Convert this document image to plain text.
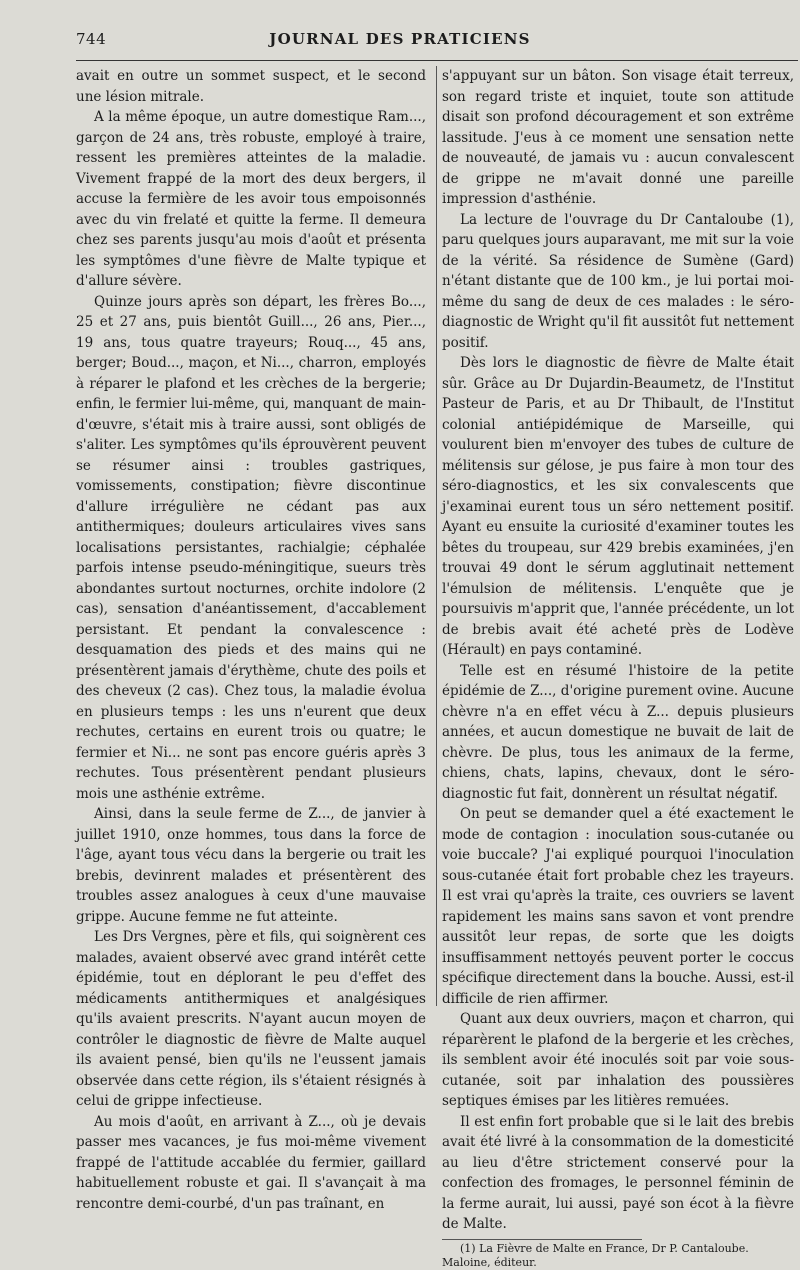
744	JOURNAL DES PRATICIENS

avait en outre un sommet suspect, et le second une lésion mitrale.

A la même époque, un autre domestique Ram..., garçon de 24 ans, très robuste, employé à traire, ressent les premières atteintes de la maladie. Vivement frappé de la mort des deux bergers, il accuse la fermière de les avoir tous empoisonnés avec du vin frelaté et quitte la ferme. Il demeura chez ses parents jusqu'au mois d'août et présenta les symptômes d'une fièvre de Malte typique et d'allure sévère.

Quinze jours après son départ, les frères Bo..., 25 et 27 ans, puis bientôt Guill..., 26 ans, Pier..., 19 ans, tous quatre trayeurs; Rouq..., 45 ans, berger; Boud..., maçon, et Ni..., charron, employés à réparer le plafond et les crèches de la bergerie; enfin, le fermier lui-même, qui, manquant de main-d'œuvre, s'était mis à traire aussi, sont obligés de s'aliter. Les symptômes qu'ils éprouvèrent peuvent se résumer ainsi : troubles gastriques, vomissements, constipation; fièvre discontinue d'allure irrégulière ne cédant pas aux antithermiques; douleurs articulaires vives sans localisations persistantes, rachialgie; céphalée parfois intense pseudo-méningitique, sueurs très abondantes surtout nocturnes, orchite indolore (2 cas), sensation d'anéantissement, d'accablement persistant. Et pendant la convalescence : desquamation des pieds et des mains qui ne présentèrent jamais d'érythème, chute des poils et des cheveux (2 cas). Chez tous, la maladie évolua en plusieurs temps : les uns n'eurent que deux rechutes, certains en eurent trois ou quatre; le fermier et Ni... ne sont pas encore guéris après 3 rechutes. Tous présentèrent pendant plusieurs mois une asthénie extrême.

Ainsi, dans la seule ferme de Z..., de janvier à juillet 1910, onze hommes, tous dans la force de l'âge, ayant tous vécu dans la bergerie ou trait les brebis, devinrent malades et présentèrent des troubles assez analogues à ceux d'une mauvaise grippe. Aucune femme ne fut atteinte.

Les Drs Vergnes, père et fils, qui soignèrent ces malades, avaient observé avec grand intérêt cette épidémie, tout en déplorant le peu d'effet des médicaments antithermiques et analgésiques qu'ils avaient prescrits. N'ayant aucun moyen de contrôler le diagnostic de fièvre de Malte auquel ils avaient pensé, bien qu'ils ne l'eussent jamais observée dans cette région, ils s'étaient résignés à celui de grippe infectieuse.

Au mois d'août, en arrivant à Z..., où je devais passer mes vacances, je fus moi-même vivement frappé de l'attitude accablée du fermier, gaillard habituellement robuste et gai. Il s'avançait à ma rencontre demi-courbé, d'un pas traînant, en

s'appuyant sur un bâton. Son visage était terreux, son regard triste et inquiet, toute son attitude disait son profond découragement et son extrême lassitude. J'eus à ce moment une sensation nette de nouveauté, de jamais vu : aucun convalescent de grippe ne m'avait donné une pareille impression d'asthénie.

La lecture de l'ouvrage du Dr Cantaloube (1), paru quelques jours auparavant, me mit sur la voie de la vérité. Sa résidence de Sumène (Gard) n'étant distante que de 100 km., je lui portai moi-même du sang de deux de ces malades : le séro-diagnostic de Wright qu'il fit aussitôt fut nettement positif.

Dès lors le diagnostic de fièvre de Malte était sûr. Grâce au Dr Dujardin-Beaumetz, de l'Institut Pasteur de Paris, et au Dr Thibault, de l'Institut colonial antiépidémique de Marseille, qui voulurent bien m'envoyer des tubes de culture de mélitensis sur gélose, je pus faire à mon tour des séro-diagnostics, et les six convalescents que j'examinai eurent tous un séro nettement positif. Ayant eu ensuite la curiosité d'examiner toutes les bêtes du troupeau, sur 429 brebis examinées, j'en trouvai 49 dont le sérum agglutinait nettement l'émulsion de mélitensis. L'enquête que je poursuivis m'apprit que, l'année précédente, un lot de brebis avait été acheté près de Lodève (Hérault) en pays contaminé.

Telle est en résumé l'histoire de la petite épidémie de Z..., d'origine purement ovine. Aucune chèvre n'a en effet vécu à Z... depuis plusieurs années, et aucun domestique ne buvait de lait de chèvre. De plus, tous les animaux de la ferme, chiens, chats, lapins, chevaux, dont le séro-diagnostic fut fait, donnèrent un résultat négatif.

On peut se demander quel a été exactement le mode de contagion : inoculation sous-cutanée ou voie buccale? J'ai expliqué pourquoi l'inoculation sous-cutanée était fort probable chez les trayeurs. Il est vrai qu'après la traite, ces ouvriers se lavent rapidement les mains sans savon et vont prendre aussitôt leur repas, de sorte que les doigts insuffisamment nettoyés peuvent porter le coccus spécifique directement dans la bouche. Aussi, est-il difficile de rien affirmer.

Quant aux deux ouvriers, maçon et charron, qui réparèrent le plafond de la bergerie et les crèches, ils semblent avoir été inoculés soit par voie sous-cutanée, soit par inhalation des poussières septiques émises par les litières remuées.

Il est enfin fort probable que si le lait des brebis avait été livré à la consommation de la domesticité au lieu d'être strictement conservé pour la confection des fromages, le personnel féminin de la ferme aurait, lui aussi, payé son écot à la fièvre de Malte.

(1) La Fièvre de Malte en France, Dr P. Cantaloube. Maloine, éditeur.
